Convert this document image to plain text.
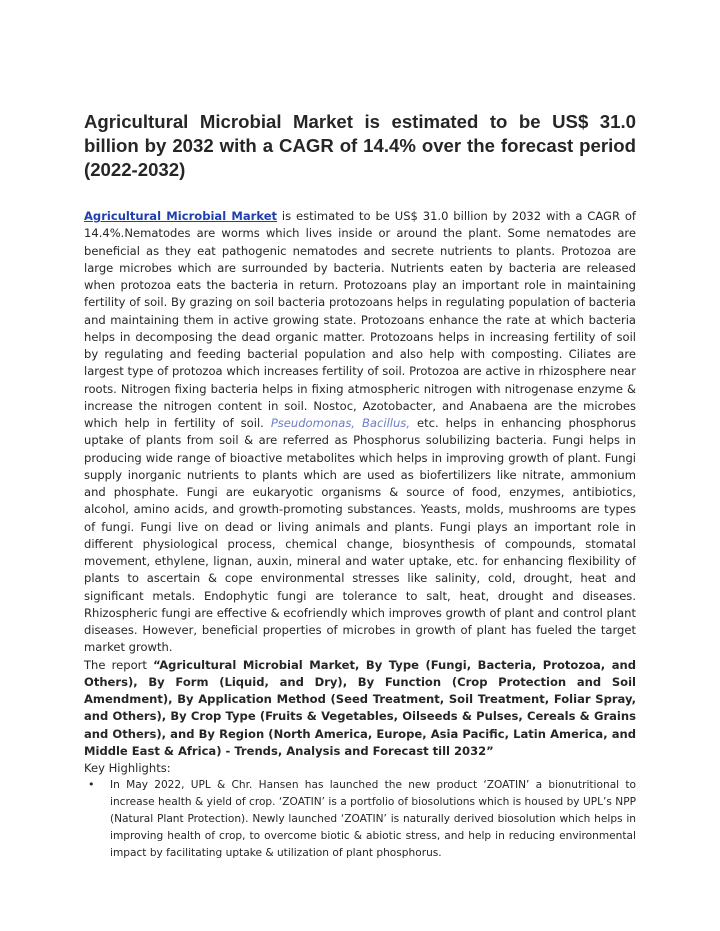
Agricultural Microbial Market is estimated to be US$ 31.0 billion by 2032 with a CAGR of 14.4% over the forecast period (2022-2032)

Agricultural Microbial Market is estimated to be US$ 31.0 billion by 2032 with a CAGR of 14.4%.Nematodes are worms which lives inside or around the plant. Some nematodes are beneficial as they eat pathogenic nematodes and secrete nutrients to plants. Protozoa are large microbes which are surrounded by bacteria. Nutrients eaten by bacteria are released when protozoa eats the bacteria in return. Protozoans play an important role in maintaining fertility of soil. By grazing on soil bacteria protozoans helps in regulating population of bacteria and maintaining them in active growing state. Protozoans enhance the rate at which bacteria helps in decomposing the dead organic matter. Protozoans helps in increasing fertility of soil by regulating and feeding bacterial population and also help with composting. Ciliates are largest type of protozoa which increases fertility of soil. Protozoa are active in rhizosphere near roots. Nitrogen fixing bacteria helps in fixing atmospheric nitrogen with nitrogenase enzyme & increase the nitrogen content in soil. Nostoc, Azotobacter, and Anabaena are the microbes which help in fertility of soil. Pseudomonas, Bacillus, etc. helps in enhancing phosphorus uptake of plants from soil & are referred as Phosphorus solubilizing bacteria. Fungi helps in producing wide range of bioactive metabolites which helps in improving growth of plant. Fungi supply inorganic nutrients to plants which are used as biofertilizers like nitrate, ammonium and phosphate. Fungi are eukaryotic organisms & source of food, enzymes, antibiotics, alcohol, amino acids, and growth-promoting substances. Yeasts, molds, mushrooms are types of fungi. Fungi live on dead or living animals and plants. Fungi plays an important role in different physiological process, chemical change, biosynthesis of compounds, stomatal movement, ethylene, lignan, auxin, mineral and water uptake, etc. for enhancing flexibility of plants to ascertain & cope environmental stresses like salinity, cold, drought, heat and significant metals. Endophytic fungi are tolerance to salt, heat, drought and diseases. Rhizospheric fungi are effective & ecofriendly which improves growth of plant and control plant diseases. However, beneficial properties of microbes in growth of plant has fueled the target market growth.

The report “Agricultural Microbial Market, By Type (Fungi, Bacteria, Protozoa, and Others), By Form (Liquid, and Dry), By Function (Crop Protection and Soil Amendment), By Application Method (Seed Treatment, Soil Treatment, Foliar Spray, and Others), By Crop Type (Fruits & Vegetables, Oilseeds & Pulses, Cereals & Grains and Others), and By Region (North America, Europe, Asia Pacific, Latin America, and Middle East & Africa) - Trends, Analysis and Forecast till 2032”

Key Highlights:
• In May 2022, UPL & Chr. Hansen has launched the new product ‘ZOATIN’ a bionutritional to increase health & yield of crop. ‘ZOATIN’ is a portfolio of biosolutions which is housed by UPL’s NPP (Natural Plant Protection). Newly launched ‘ZOATIN’ is naturally derived biosolution which helps in improving health of crop, to overcome biotic & abiotic stress, and help in reducing environmental impact by facilitating uptake & utilization of plant phosphorus.
